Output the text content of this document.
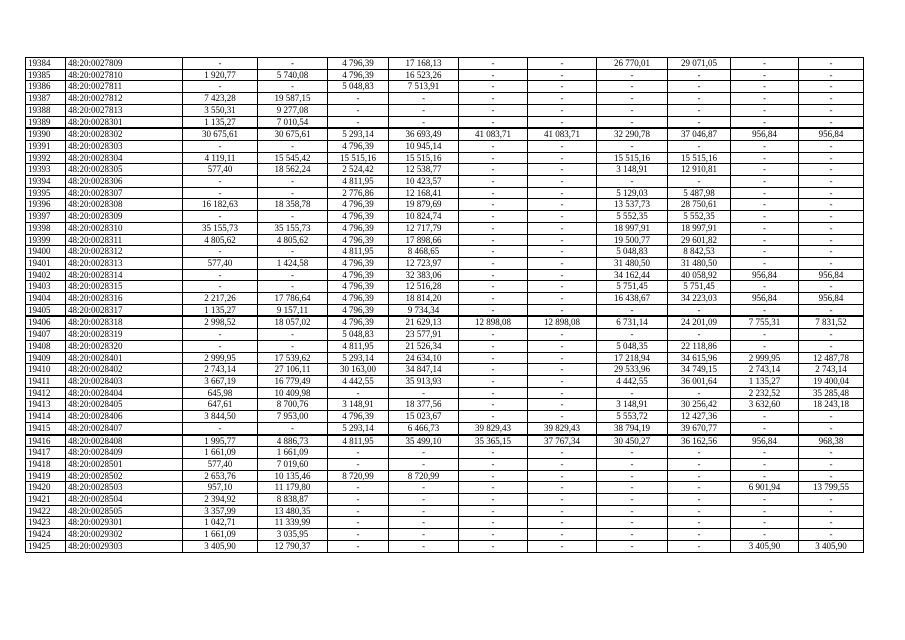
19384	48:20:0027809	-	-	4 796,39	17 168,13	-	-	26 770,01	29 071,05	-	-
19385	48:20:0027810	1 920,77	5 740,08	4 796,39	16 523,26	-	-	-	-	-	-
19386	48:20:0027811	-	-	5 048,83	7 513,91	-	-	-	-	-	-
19387	48:20:0027812	7 423,28	19 587,15	-	-	-	-	-	-	-	-
19388	48:20:0027813	3 550,31	9 277,08	-	-	-	-	-	-	-	-
19389	48:20:0028301	1 135,27	7 010,54	-	-	-	-	-	-	-	-
19390	48:20:0028302	30 675,61	30 675,61	5 293,14	36 693,49	41 083,71	41 083,71	32 290,78	37 046,87	956,84	956,84
19391	48:20:0028303	-	-	4 796,39	10 945,14	-	-	-	-	-	-
19392	48:20:0028304	4 119,11	15 545,42	15 515,16	15 515,16	-	-	15 515,16	15 515,16	-	-
19393	48:20:0028305	577,40	18 562,24	2 524,42	12 538,77	-	-	3 148,91	12 910,81	-	-
19394	48:20:0028306	-	-	4 811,95	10 423,57	-	-	-	-	-	-
19395	48:20:0028307	-	-	2 776,86	12 168,41	-	-	5 129,03	5 487,98	-	-
19396	48:20:0028308	16 182,63	18 358,78	4 796,39	19 879,69	-	-	13 537,73	28 750,61	-	-
19397	48:20:0028309	-	-	4 796,39	10 824,74	-	-	5 552,35	5 552,35	-	-
19398	48:20:0028310	35 155,73	35 155,73	4 796,39	12 717,79	-	-	18 997,91	18 997,91	-	-
19399	48:20:0028311	4 805,62	4 805,62	4 796,39	17 898,66	-	-	19 500,77	29 601,82	-	-
19400	48:20:0028312	-	-	4 811,95	8 468,65	-	-	5 048,83	8 842,53	-	-
19401	48:20:0028313	577,40	1 424,58	4 796,39	12 723,97	-	-	31 480,50	31 480,50	-	-
19402	48:20:0028314	-	-	4 796,39	32 383,06	-	-	34 162,44	40 058,92	956,84	956,84
19403	48:20:0028315	-	-	4 796,39	12 516,28	-	-	5 751,45	5 751,45	-	-
19404	48:20:0028316	2 217,26	17 786,64	4 796,39	18 814,20	-	-	16 438,67	34 223,03	956,84	956,84
19405	48:20:0028317	1 135,27	9 157,11	4 796,39	9 734,34	-	-	-	-	-	-
19406	48:20:0028318	2 998,52	18 057,02	4 796,39	21 629,13	12 898,08	12 898,08	6 731,14	24 201,09	7 755,31	7 831,52
19407	48:20:0028319	-	-	5 048,83	23 577,91	-	-	-	-	-	-
19408	48:20:0028320	-	-	4 811,95	21 526,34	-	-	5 048,35	22 118,86	-	-
19409	48:20:0028401	2 999,95	17 539,62	5 293,14	24 634,10	-	-	17 218,94	34 615,96	2 999,95	12 487,78
19410	48:20:0028402	2 743,14	27 106,11	30 163,00	34 847,14	-	-	29 533,96	34 749,15	2 743,14	2 743,14
19411	48:20:0028403	3 667,19	16 779,49	4 442,55	35 913,93	-	-	4 442,55	36 001,64	1 135,27	19 400,04
19412	48:20:0028404	645,98	10 409,98	-	-	-	-	-	-	2 232,52	35 285,48
19413	48:20:0028405	647,61	8 700,76	3 148,91	18 377,56	-	-	3 148,91	30 256,42	3 632,60	18 243,18
19414	48:20:0028406	3 844,50	7 953,00	4 796,39	15 023,67	-	-	5 553,72	12 427,36	-	-
19415	48:20:0028407	-	-	5 293,14	6 466,73	39 829,43	39 829,43	38 794,19	39 670,77	-	-
19416	48:20:0028408	1 995,77	4 886,73	4 811,95	35 499,10	35 365,15	37 767,34	30 450,27	36 162,56	956,84	968,38
19417	48:20:0028409	1 661,09	1 661,09	-	-	-	-	-	-	-	-
19418	48:20:0028501	577,40	7 019,60	-	-	-	-	-	-	-	-
19419	48:20:0028502	2 653,76	10 135,46	8 720,99	8 720,99	-	-	-	-	-	-
19420	48:20:0028503	957,10	11 179,80	-	-	-	-	-	-	6 901,94	13 799,55
19421	48:20:0028504	2 394,92	8 838,87	-	-	-	-	-	-	-	-
19422	48:20:0028505	3 357,99	13 480,35	-	-	-	-	-	-	-	-
19423	48:20:0029301	1 042,71	11 339,99	-	-	-	-	-	-	-	-
19424	48:20:0029302	1 661,09	3 035,95	-	-	-	-	-	-	-	-
19425	48:20:0029303	3 405,90	12 790,37	-	-	-	-	-	-	3 405,90	3 405,90
